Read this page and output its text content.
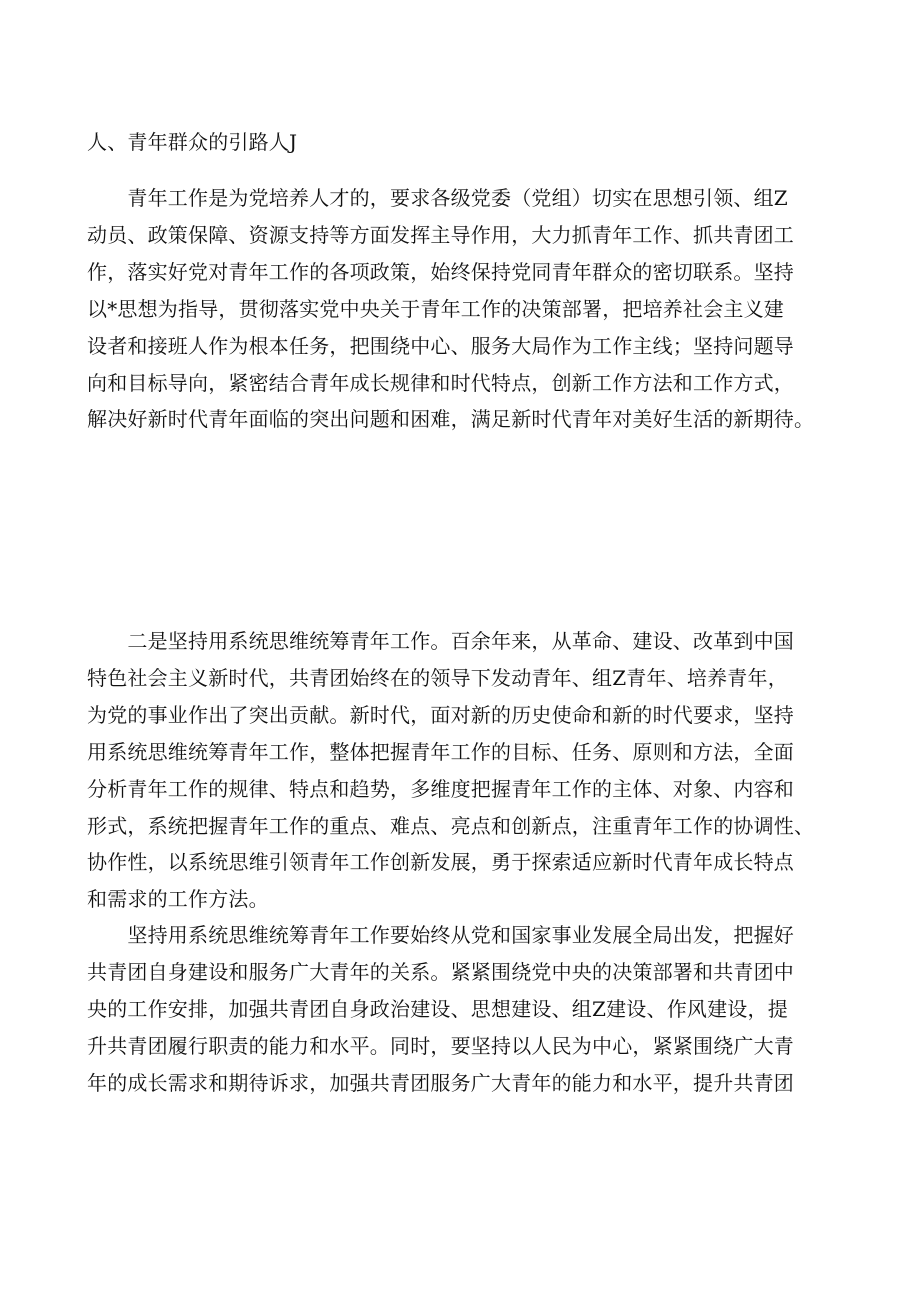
人、青年群众的引路人J
　　青年工作是为党培养人才的，要求各级党委（党组）切实在思想引领、组Z
动员、政策保障、资源支持等方面发挥主导作用，大力抓青年工作、抓共青团工
作，落实好党对青年工作的各项政策，始终保持党同青年群众的密切联系。坚持
以*思想为指导，贯彻落实党中央关于青年工作的决策部署，把培养社会主义建
设者和接班人作为根本任务，把围绕中心、服务大局作为工作主线；坚持问题导
向和目标导向，紧密结合青年成长规律和时代特点，创新工作方法和工作方式，
解决好新时代青年面临的突出问题和困难，满足新时代青年对美好生活的新期待。
　　二是坚持用系统思维统筹青年工作。百余年来，从革命、建设、改革到中国
特色社会主义新时代，共青团始终在的领导下发动青年、组Z青年、培养青年，
为党的事业作出了突出贡献。新时代，面对新的历史使命和新的时代要求，坚持
用系统思维统筹青年工作，整体把握青年工作的目标、任务、原则和方法，全面
分析青年工作的规律、特点和趋势，多维度把握青年工作的主体、对象、内容和
形式，系统把握青年工作的重点、难点、亮点和创新点，注重青年工作的协调性、
协作性，以系统思维引领青年工作创新发展，勇于探索适应新时代青年成长特点
和需求的工作方法。
　　坚持用系统思维统筹青年工作要始终从党和国家事业发展全局出发，把握好
共青团自身建设和服务广大青年的关系。紧紧围绕党中央的决策部署和共青团中
央的工作安排，加强共青团自身政治建设、思想建设、组Z建设、作风建设，提
升共青团履行职责的能力和水平。同时，要坚持以人民为中心，紧紧围绕广大青
年的成长需求和期待诉求，加强共青团服务广大青年的能力和水平，提升共青团
